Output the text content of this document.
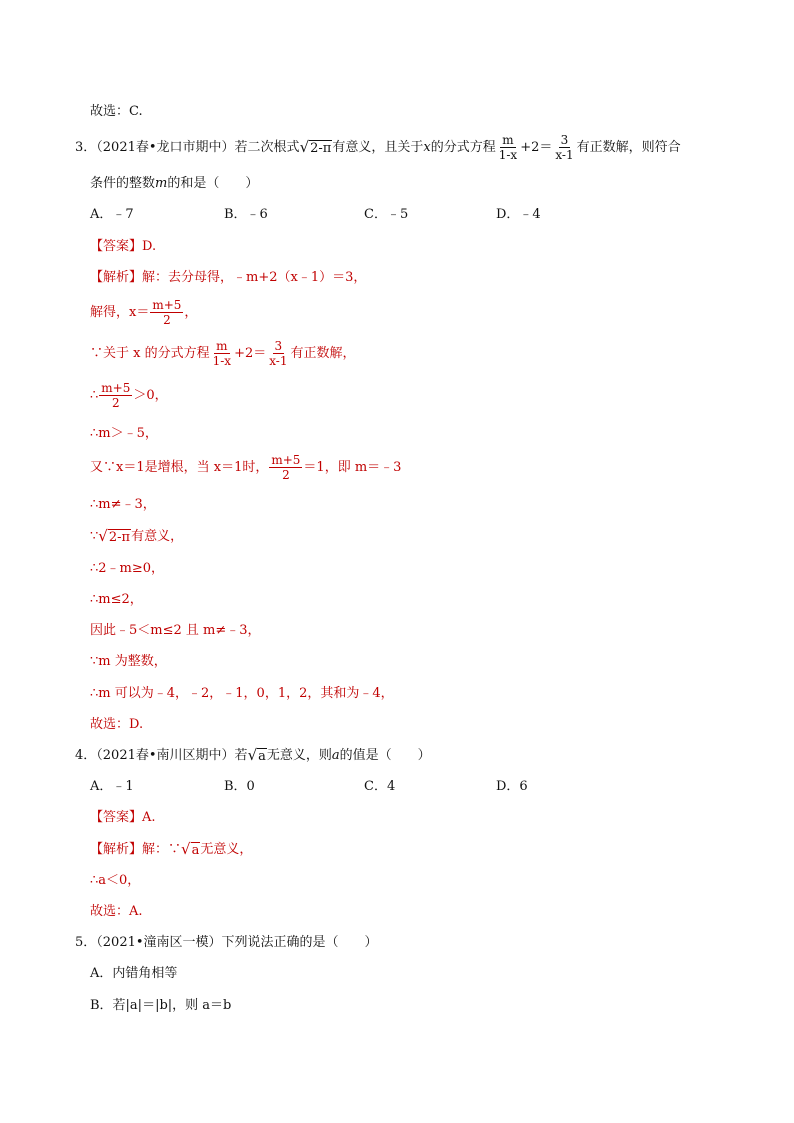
故选：C.
3．（2021春•龙口市期中）若二次根式 √ 2-π 有意义，且关于x的分式方程 $\frac{m}{1-x} +2= \frac{3}{x-1}$ 有正数解，则符合
条件的整数m的和是（　　）
A．﹣7	B．﹣6	C．﹣5	D．﹣4
【答案】D.
【解析】解：去分母得，﹣m+2（x﹣1）＝3，
解得，$x= \frac{m+5}{2}$ ，
∵关于 x 的分式方程 $\frac{m}{1-x} +2= \frac{3}{x-1}$ 有正数解，
∴ $\frac{m+5}{2} >0$，
∴m＞﹣5，
又∵x＝1是增根，当 x＝1时， $\frac{m+5}{2} =1$，即 m＝﹣3
∴m≠﹣3，
∵ √ 2-π 有意义，
∴2﹣m≥0，
∴m≤2，
因此﹣5＜m≤2 且 m≠﹣3，
∵m 为整数，
∴m 可以为﹣4，﹣2，﹣1，0，1，2，其和为﹣4，
故选：D.
4．（2021春•南川区期中）若 √ a 无意义，则a的值是（　　）
A．﹣1	B．0	C．4	D．6
【答案】A.
【解析】解：∵ √ a 无意义，
∴a＜0，
故选：A.
5．（2021•潼南区一模）下列说法正确的是（　　）
A．内错角相等
B．若|a|＝|b|，则 a＝b
